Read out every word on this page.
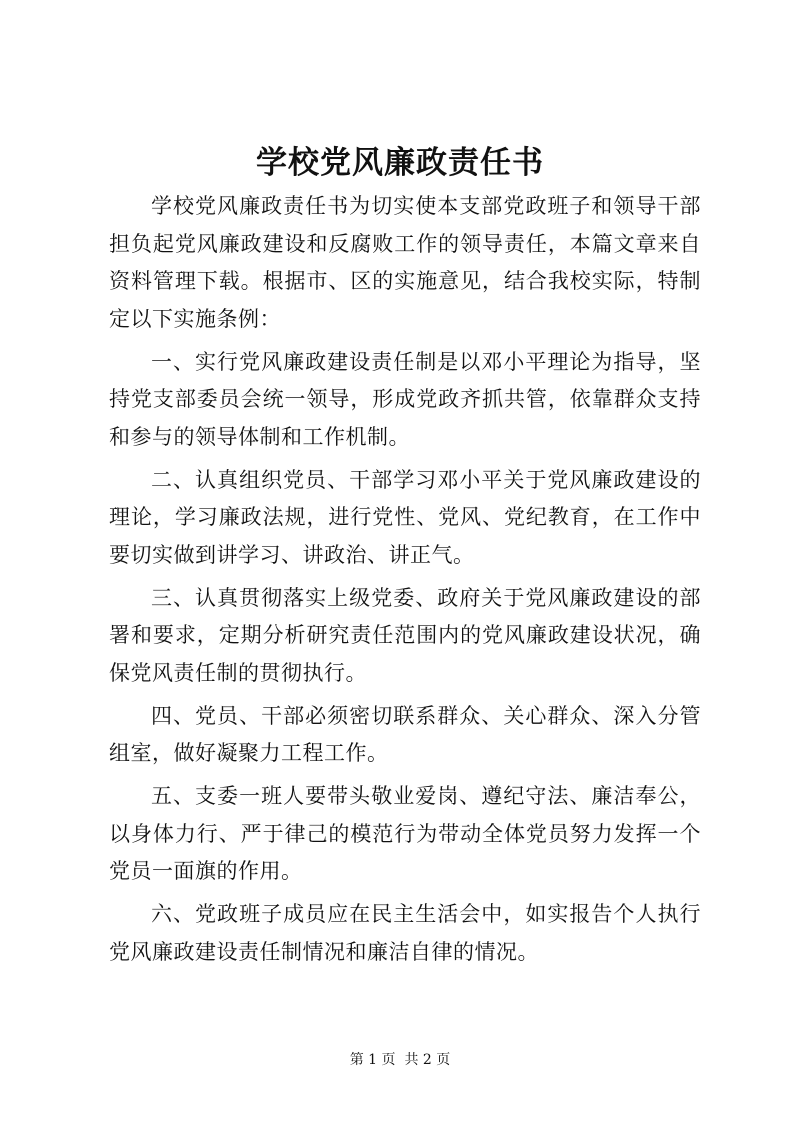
学校党风廉政责任书

学校党风廉政责任书为切实使本支部党政班子和领导干部担负起党风廉政建设和反腐败工作的领导责任，本篇文章来自资料管理下载。根据市、区的实施意见，结合我校实际，特制定以下实施条例：

一、实行党风廉政建设责任制是以邓小平理论为指导，坚持党支部委员会统一领导，形成党政齐抓共管，依靠群众支持和参与的领导体制和工作机制。

二、认真组织党员、干部学习邓小平关于党风廉政建设的理论，学习廉政法规，进行党性、党风、党纪教育，在工作中要切实做到讲学习、讲政治、讲正气。

三、认真贯彻落实上级党委、政府关于党风廉政建设的部署和要求，定期分析研究责任范围内的党风廉政建设状况，确保党风责任制的贯彻执行。

四、党员、干部必须密切联系群众、关心群众、深入分管组室，做好凝聚力工程工作。

五、支委一班人要带头敬业爱岗、遵纪守法、廉洁奉公，以身体力行、严于律己的模范行为带动全体党员努力发挥一个党员一面旗的作用。

六、党政班子成员应在民主生活会中，如实报告个人执行党风廉政建设责任制情况和廉洁自律的情况。

第 1 页  共 2 页
